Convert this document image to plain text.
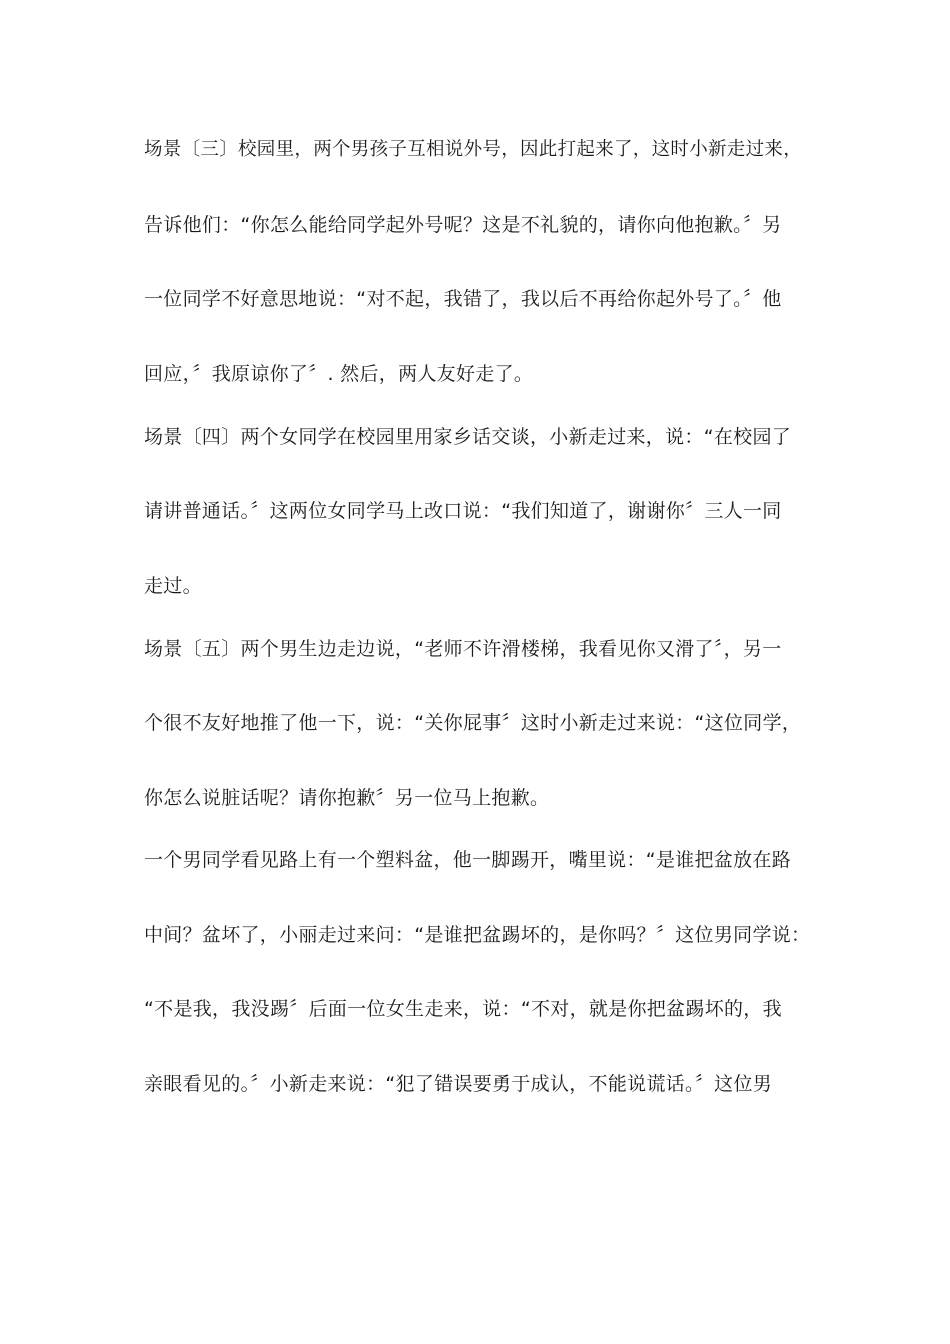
场景〔三〕校园里，两个男孩子互相说外号，因此打起来了，这时小新走过来，
告诉他们：“你怎么能给同学起外号呢？这是不礼貌的，请你向他抱歉。〞另
一位同学不好意思地说：“对不起，我错了，我以后不再给你起外号了。〞他
回应，〞我原谅你了〞. 然后，两人友好走了。
场景〔四〕两个女同学在校园里用家乡话交谈，小新走过来，说：“在校园了
请讲普通话。〞这两位女同学马上改口说：“我们知道了，谢谢你〞三人一同
走过。
场景〔五〕两个男生边走边说，“老师不许滑楼梯，我看见你又滑了〞，另一
个很不友好地推了他一下，说：“关你屁事〞这时小新走过来说：“这位同学，
你怎么说脏话呢？请你抱歉〞另一位马上抱歉。
一个男同学看见路上有一个塑料盆，他一脚踢开，嘴里说：“是谁把盆放在路
中间？盆坏了，小丽走过来问：“是谁把盆踢坏的，是你吗？〞这位男同学说：
“不是我，我没踢〞后面一位女生走来，说：“不对，就是你把盆踢坏的，我
亲眼看见的。〞小新走来说：“犯了错误要勇于成认，不能说谎话。〞这位男
